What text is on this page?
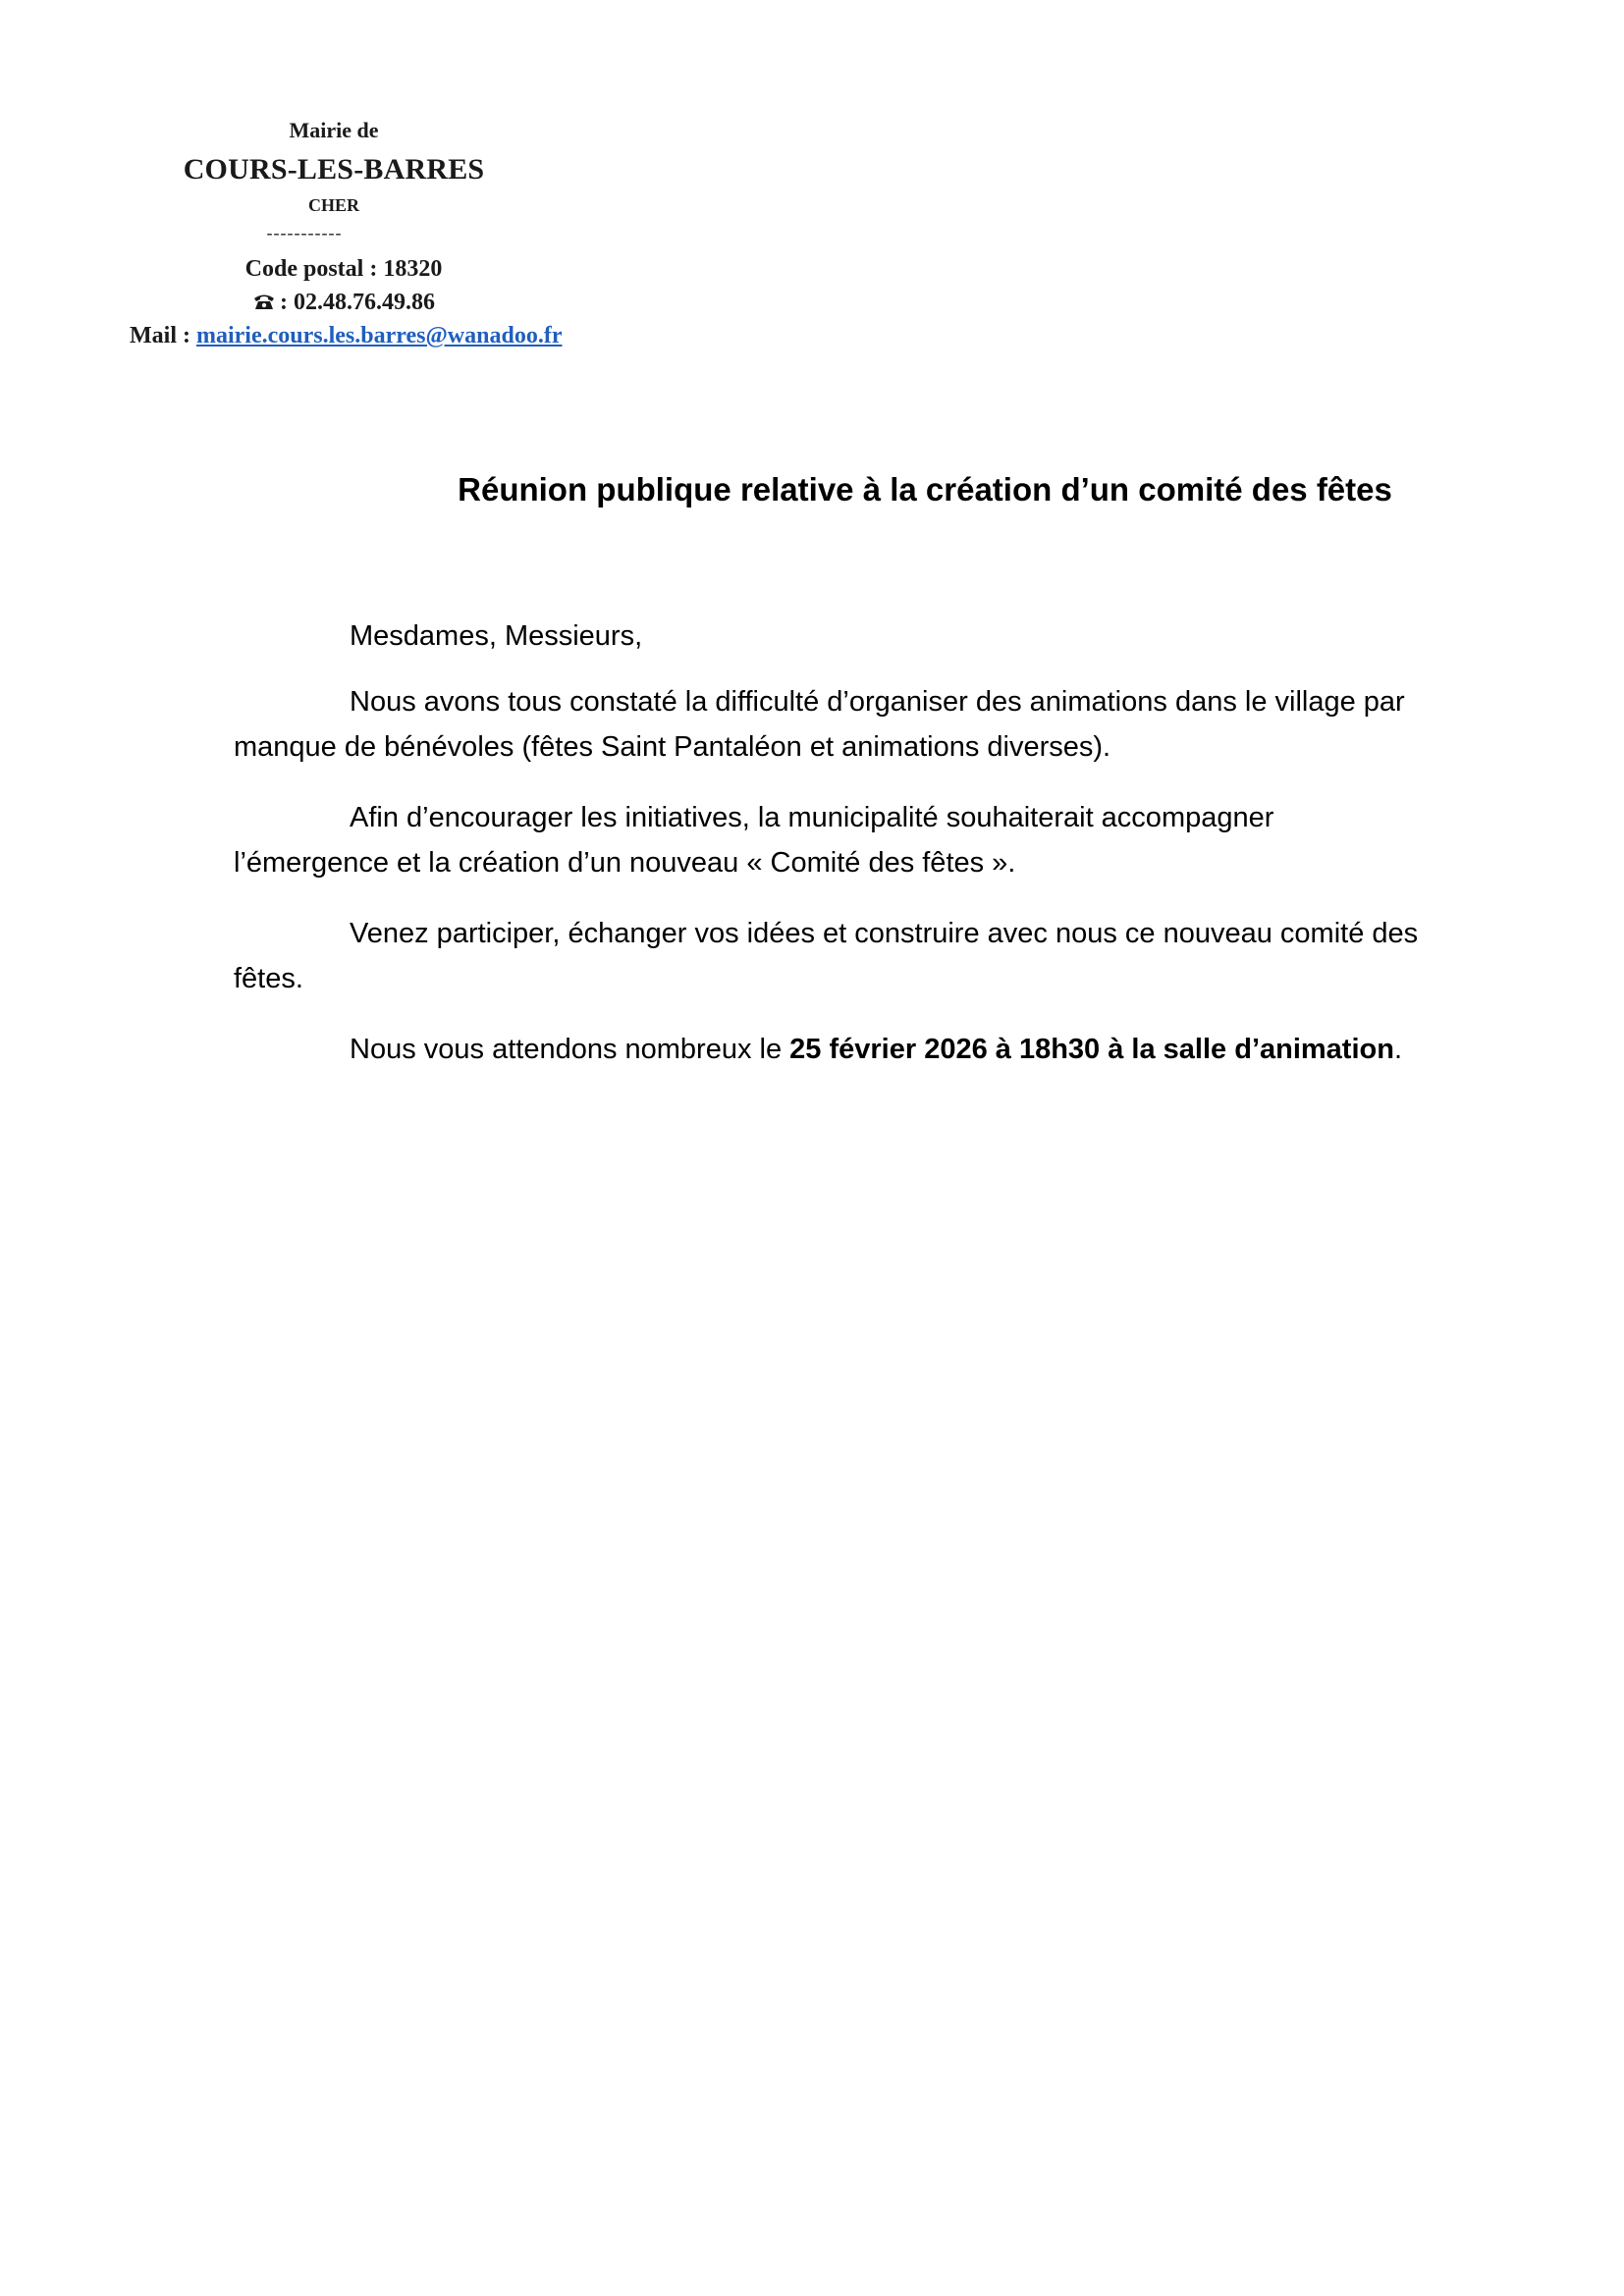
Mairie de
COURS-LES-BARRES
CHER
-----------
Code postal : 18320
: 02.48.76.49.86
Mail : mairie.cours.les.barres@wanadoo.fr
Réunion publique relative à la création d’un comité des fêtes
Mesdames, Messieurs,

Nous avons tous constaté la difficulté d’organiser des animations dans le village par manque de bénévoles (fêtes Saint Pantaléon et animations diverses).

Afin d’encourager les initiatives, la municipalité souhaiterait accompagner l’émergence et la création d’un nouveau « Comité des fêtes ».

Venez participer, échanger vos idées et construire avec nous ce nouveau comité des fêtes.

Nous vous attendons nombreux le 25 février 2026 à 18h30 à la salle d’animation.
